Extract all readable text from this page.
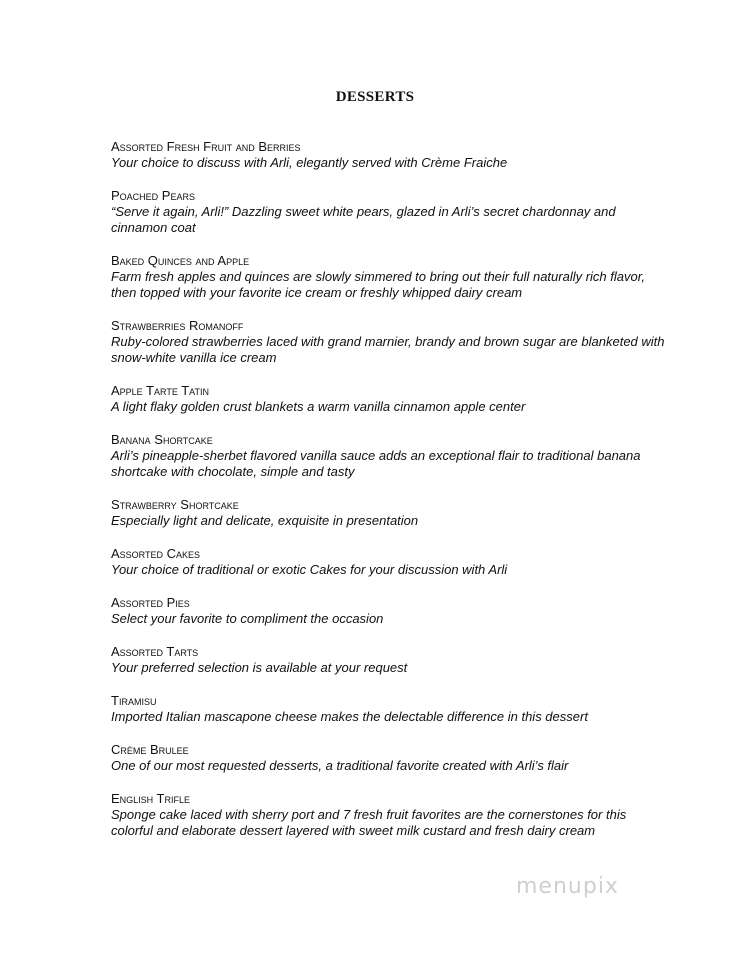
DESSERTS
Assorted Fresh Fruit and Berries
Your choice to discuss with Arli, elegantly served with Crème Fraiche
Poached Pears
“Serve it again, Arli!” Dazzling sweet white pears, glazed in Arli’s secret chardonnay and cinnamon coat
Baked Quinces and Apple
Farm fresh apples and quinces are slowly simmered to bring out their full naturally rich flavor, then topped with your favorite ice cream or freshly whipped dairy cream
Strawberries Romanoff
Ruby-colored strawberries laced with grand marnier, brandy and brown sugar are blanketed with snow-white vanilla ice cream
Apple Tarte Tatin
A light flaky golden crust blankets a warm vanilla cinnamon apple center
Banana Shortcake
Arli’s pineapple-sherbet flavored vanilla sauce adds an exceptional flair to traditional banana shortcake with chocolate, simple and tasty
Strawberry Shortcake
Especially light and delicate, exquisite in presentation
Assorted Cakes
Your choice of traditional or exotic Cakes for your discussion with Arli
Assorted Pies
Select your favorite to compliment the occasion
Assorted Tarts
Your preferred selection is available at your request
Tiramisu
Imported Italian mascapone cheese makes the delectable difference in this dessert
Crème Brulee
One of our most requested desserts, a traditional favorite created with Arli’s flair
English Trifle
Sponge cake laced with sherry port and 7 fresh fruit favorites are the cornerstones for this colorful and elaborate dessert layered with sweet milk custard and fresh dairy cream
menupix
